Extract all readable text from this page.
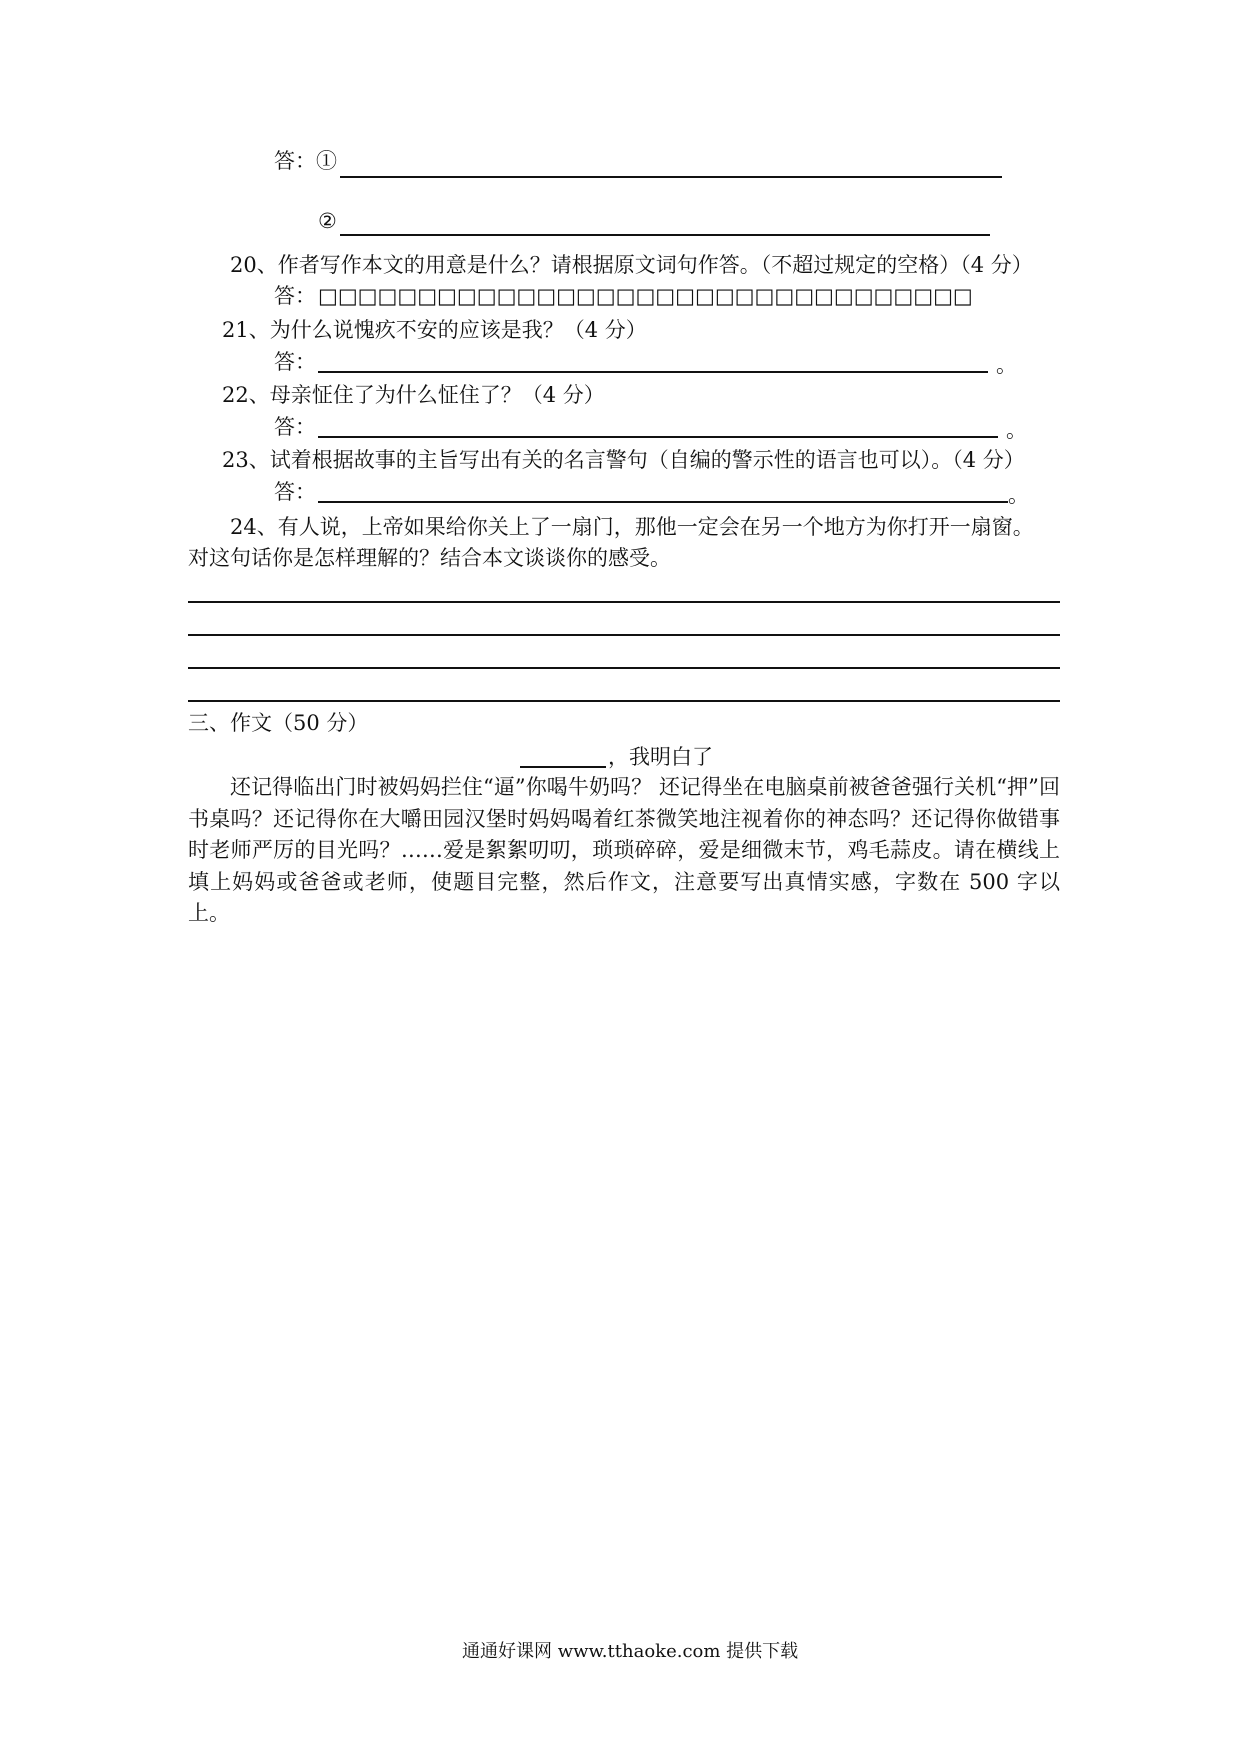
答：①
②
20、作者写作本文的用意是什么？请根据原文词句作答。（不超过规定的空格）（4 分）
答： □□□□□□□□□□□□□□□□□□□□□□□□□□□□□□□□□
21、为什么说愧疚不安的应该是我？（4 分）
答：	。
22、母亲怔住了为什么怔住了？（4 分）
答：	。
23、试着根据故事的主旨写出有关的名言警句（自编的警示性的语言也可以）。（4 分）
答：	。
24、有人说，上帝如果给你关上了一扇门，那他一定会在另一个地方为你打开一扇窗。
对这句话你是怎样理解的？结合本文谈谈你的感受。
三、作文（50 分）
，我明白了
还记得临出门时被妈妈拦住“逼”你喝牛奶吗？ 还记得坐在电脑桌前被爸爸强行关机“押”回书桌吗？还记得你在大嚼田园汉堡时妈妈喝着红茶微笑地注视着你的神态吗？还记得你做错事时老师严厉的目光吗？……爱是絮絮叨叨，琐琐碎碎，爱是细微末节，鸡毛蒜皮。请在横线上填上妈妈或爸爸或老师，使题目完整，然后作文，注意要写出真情实感，字数在 500 字以上。
通通好课网 www.tthaoke.com 提供下载
